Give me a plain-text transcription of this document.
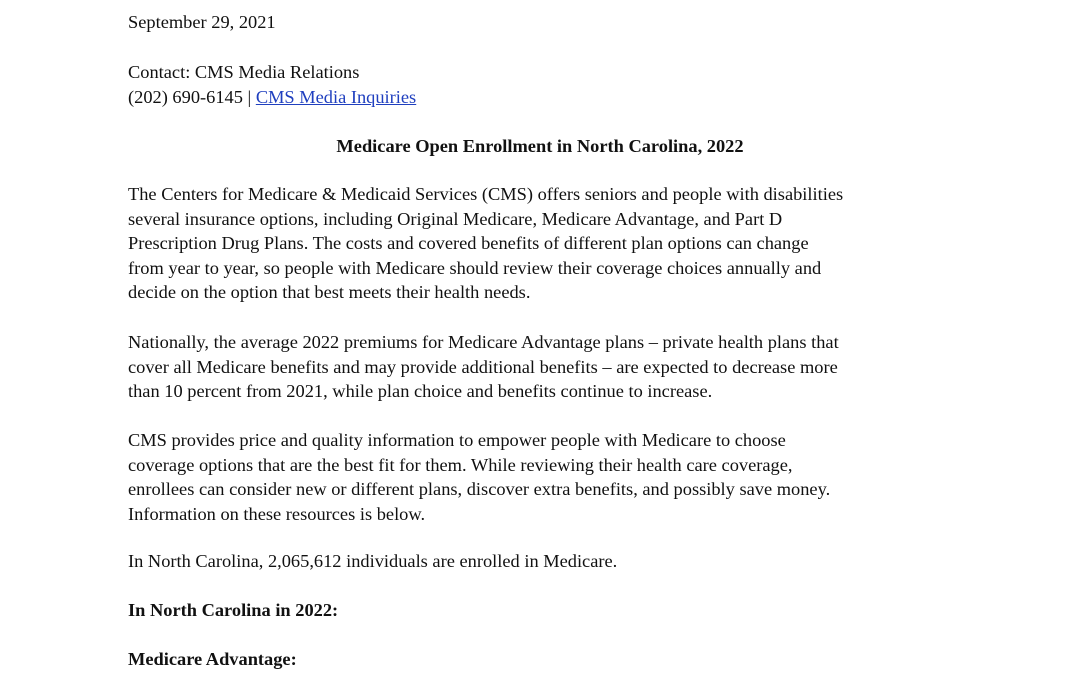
September 29, 2021
Contact: CMS Media Relations
(202) 690-6145 | CMS Media Inquiries
Medicare Open Enrollment in North Carolina, 2022
The Centers for Medicare & Medicaid Services (CMS) offers seniors and people with disabilities
several insurance options, including Original Medicare, Medicare Advantage, and Part D
Prescription Drug Plans. The costs and covered benefits of different plan options can change
from year to year, so people with Medicare should review their coverage choices annually and
decide on the option that best meets their health needs.
Nationally, the average 2022 premiums for Medicare Advantage plans – private health plans that
cover all Medicare benefits and may provide additional benefits – are expected to decrease more
than 10 percent from 2021, while plan choice and benefits continue to increase.
CMS provides price and quality information to empower people with Medicare to choose
coverage options that are the best fit for them. While reviewing their health care coverage,
enrollees can consider new or different plans, discover extra benefits, and possibly save money.
Information on these resources is below.
In North Carolina, 2,065,612 individuals are enrolled in Medicare.
In North Carolina in 2022:
Medicare Advantage:
